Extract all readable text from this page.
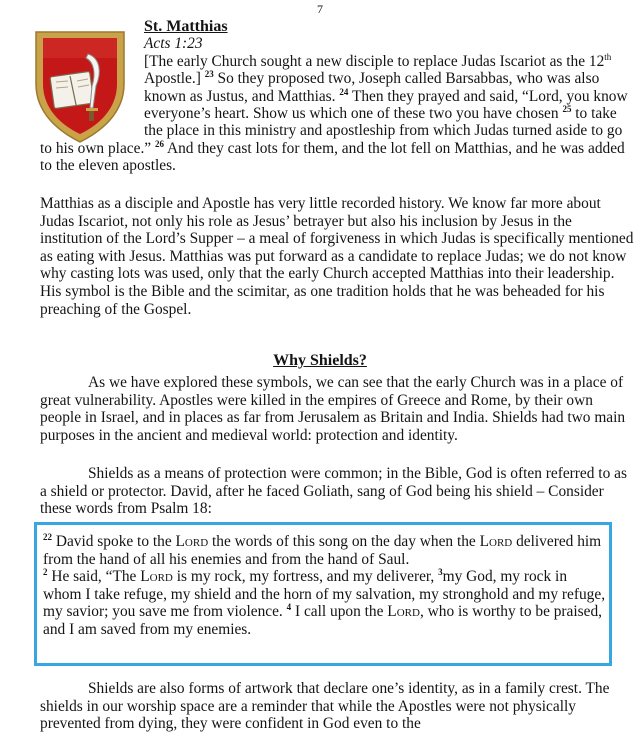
7

St. Matthias
Acts 1:23
[The early Church sought a new disciple to replace Judas Iscariot as the 12th Apostle.] $^{23}$ So they proposed two, Joseph called Barsabbas, who was also known as Justus, and Matthias. $^{24}$ Then they prayed and said, “Lord, you know everyone’s heart. Show us which one of these two you have chosen $^{25}$ to take the place in this ministry and apostleship from which Judas turned aside to go to his own place.” $^{26}$ And they cast lots for them, and the lot fell on Matthias, and he was added to the eleven apostles.

Matthias as a disciple and Apostle has very little recorded history. We know far more about Judas Iscariot, not only his role as Jesus’ betrayer but also his inclusion by Jesus in the institution of the Lord’s Supper – a meal of forgiveness in which Judas is specifically mentioned as eating with Jesus. Matthias was put forward as a candidate to replace Judas; we do not know why casting lots was used, only that the early Church accepted Matthias into their leadership. His symbol is the Bible and the scimitar, as one tradition holds that he was beheaded for his preaching of the Gospel.

Why Shields?

As we have explored these symbols, we can see that the early Church was in a place of great vulnerability. Apostles were killed in the empires of Greece and Rome, by their own people in Israel, and in places as far from Jerusalem as Britain and India. Shields had two main purposes in the ancient and medieval world: protection and identity.

Shields as a means of protection were common; in the Bible, God is often referred to as a shield or protector. David, after he faced Goliath, sang of God being his shield – Consider these words from Psalm 18:

$^{22}$ David spoke to the Lord the words of this song on the day when the Lord delivered him from the hand of all his enemies and from the hand of Saul.

$^2$ He said, “The Lord is my rock, my fortress, and my deliverer, $^3$my God, my rock in whom I take refuge, my shield and the horn of my salvation, my stronghold and my refuge, my savior; you save me from violence. $^4$ I call upon the Lord, who is worthy to be praised, and I am saved from my enemies.

Shields are also forms of artwork that declare one’s identity, as in a family crest. The shields in our worship space are a reminder that while the Apostles were not physically prevented from dying, they were confident in God even to the
